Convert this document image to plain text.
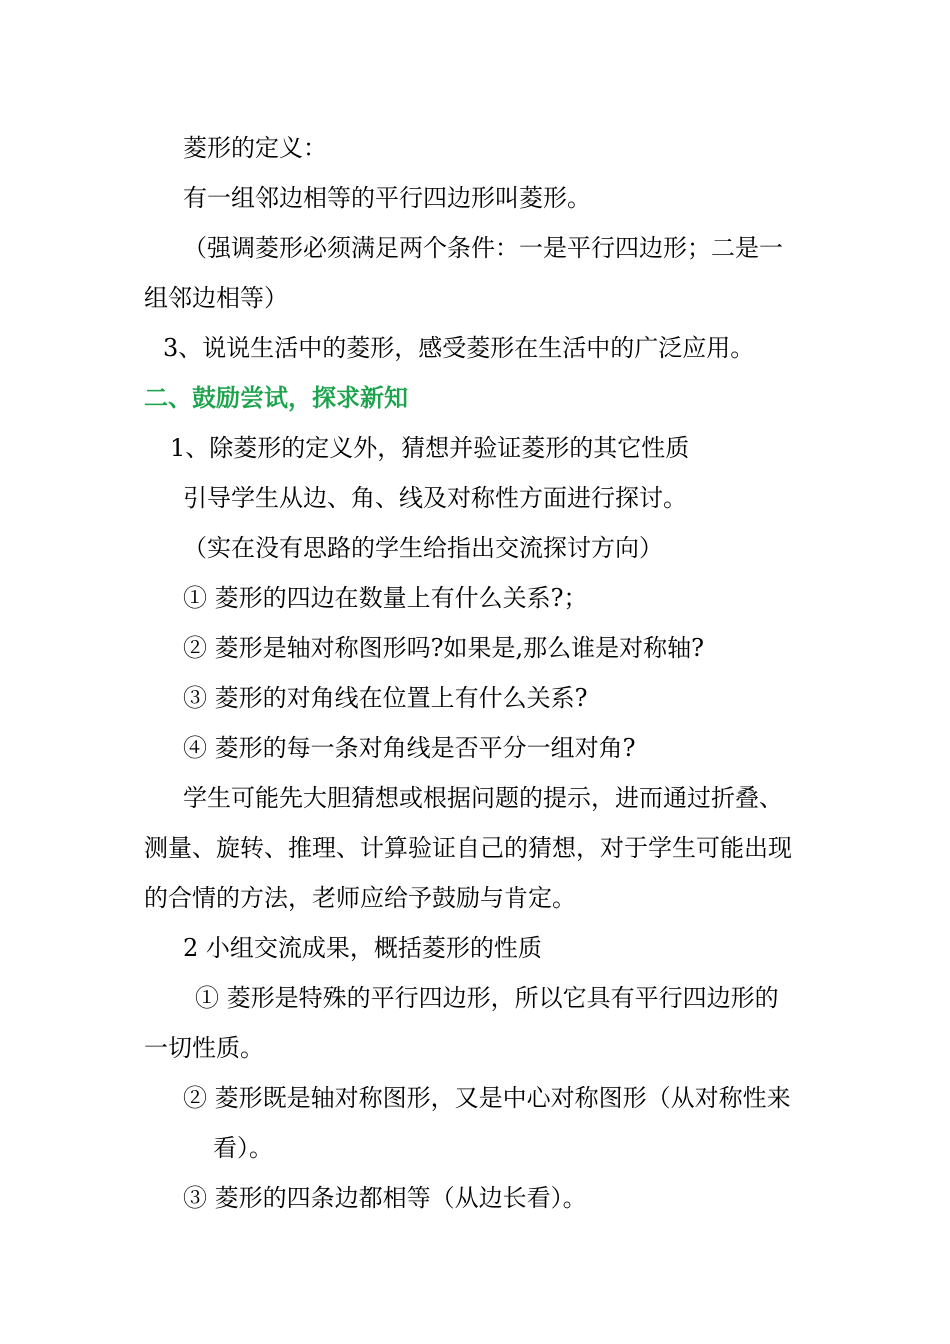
菱形的定义：
有一组邻边相等的平行四边形叫菱形。
（强调菱形必须满足两个条件：一是平行四边形；二是一
组邻边相等）
3、说说生活中的菱形，感受菱形在生活中的广泛应用。
二、鼓励尝试，探求新知
1、除菱形的定义外，猜想并验证菱形的其它性质
引导学生从边、角、线及对称性方面进行探讨。
（实在没有思路的学生给指出交流探讨方向）
① 菱形的四边在数量上有什么关系?；
② 菱形是轴对称图形吗?如果是,那么谁是对称轴?
③ 菱形的对角线在位置上有什么关系?
④ 菱形的每一条对角线是否平分一组对角?
学生可能先大胆猜想或根据问题的提示，进而通过折叠、
测量、旋转、推理、计算验证自己的猜想，对于学生可能出现
的合情的方法，老师应给予鼓励与肯定。
2 小组交流成果，概括菱形的性质
① 菱形是特殊的平行四边形，所以它具有平行四边形的
一切性质。
② 菱形既是轴对称图形，又是中心对称图形（从对称性来
看）。
③ 菱形的四条边都相等（从边长看）。
